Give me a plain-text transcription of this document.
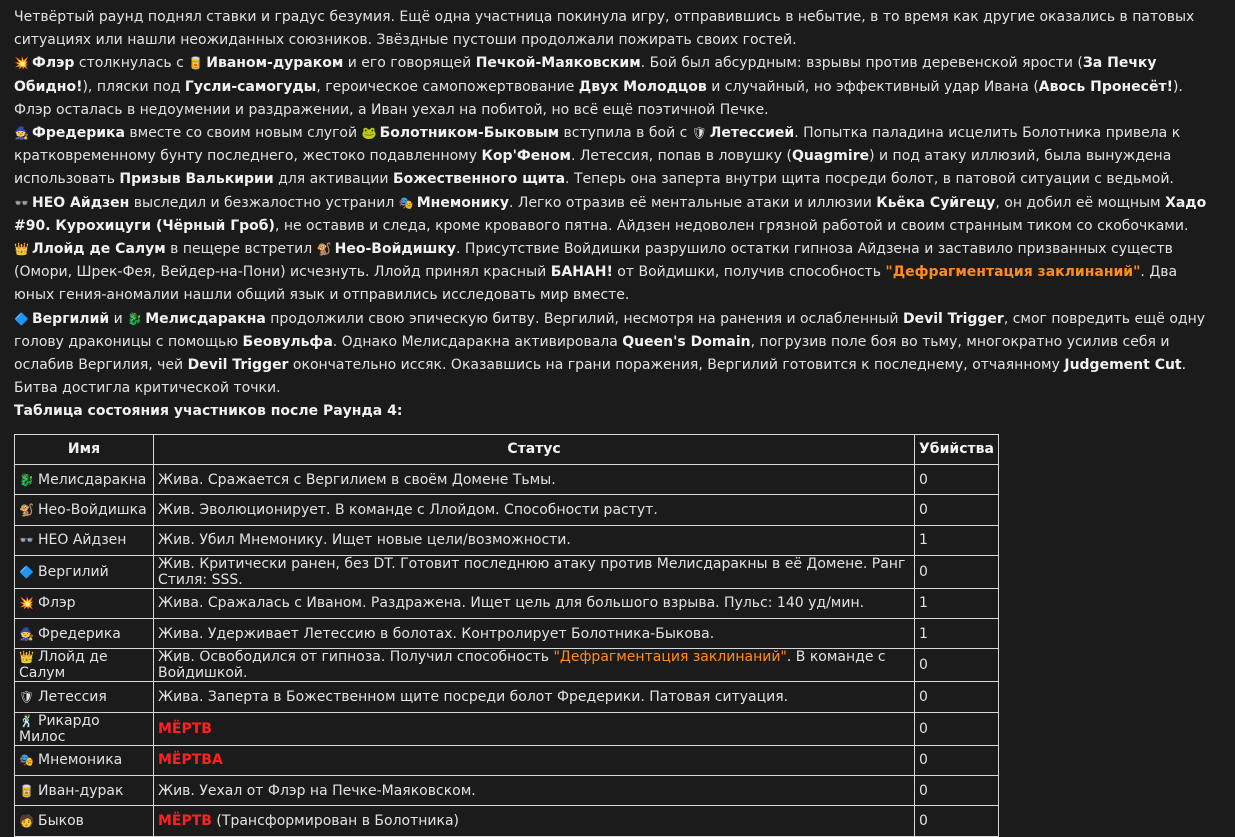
Четвёртый раунд поднял ставки и градус безумия. Ещё одна участница покинула игру, отправившись в небытие, в то время как другие оказались в патовых ситуациях или нашли неожиданных союзников. Звёздные пустоши продолжали пожирать своих гостей.

💥 Флэр столкнулась с 🥫 Иваном-дураком и его говорящей Печкой-Маяковским. Бой был абсурдным: взрывы против деревенской ярости (За Печку Обидно!), пляски под Гусли-самогуды, героическое самопожертвование Двух Молодцов и случайный, но эффективный удар Ивана (Авось Пронесёт!). Флэр осталась в недоумении и раздражении, а Иван уехал на побитой, но всё ещё поэтичной Печке.

🧙 Фредерика вместе со своим новым слугой 🐸 Болотником-Быковым вступила в бой с 🛡 Летессией. Попытка паладина исцелить Болотника привела к кратковременному бунту последнего, жестоко подавленному Кор'Феном. Летессия, попав в ловушку (Quagmire) и под атаку иллюзий, была вынуждена использовать Призыв Валькирии для активации Божественного щита. Теперь она заперта внутри щита посреди болот, в патовой ситуации с ведьмой.

👓 НЕО Айдзен выследил и безжалостно устранил 🎭 Мнемонику. Легко отразив её ментальные атаки и иллюзии Кьёка Суйгецу, он добил её мощным Хадо #90. Курохицуги (Чёрный Гроб), не оставив и следа, кроме кровавого пятна. Айдзен недоволен грязной работой и своим странным тиком со скобочками.

👑 Ллойд де Салум в пещере встретил 🐒 Нео-Войдишку. Присутствие Войдишки разрушило остатки гипноза Айдзена и заставило призванных существ (Омори, Шрек-Фея, Вейдер-на-Пони) исчезнуть. Ллойд принял красный БАНАН! от Войдишки, получив способность "Дефрагментация заклинаний". Два юных гения-аномалии нашли общий язык и отправились исследовать мир вместе.

🔷 Вергилий и 🐉 Мелисдаракна продолжили свою эпическую битву. Вергилий, несмотря на ранения и ослабленный Devil Trigger, смог повредить ещё одну голову драконицы с помощью Беовульфа. Однако Мелисдаракна активировала Queen's Domain, погрузив поле боя во тьму, многократно усилив себя и ослабив Вергилия, чей Devil Trigger окончательно иссяк. Оказавшись на грани поражения, Вергилий готовится к последнему, отчаянному Judgement Cut. Битва достигла критической точки.

Таблица состояния участников после Раунда 4:

Имя	Статус	Убийства
🐉 Мелисдаракна	Жива. Сражается с Вергилием в своём Домене Тьмы.	0
🐒 Нео-Войдишка	Жив. Эволюционирует. В команде с Ллойдом. Способности растут.	0
👓 НЕО Айдзен	Жив. Убил Мнемонику. Ищет новые цели/возможности.	1
🔷 Вергилий	Жив. Критически ранен, без DT. Готовит последнюю атаку против Мелисдаракны в её Домене. Ранг Стиля: SSS.	0
💥 Флэр	Жива. Сражалась с Иваном. Раздражена. Ищет цель для большого взрыва. Пульс: 140 уд/мин.	1
🧙 Фредерика	Жива. Удерживает Летессию в болотах. Контролирует Болотника-Быкова.	1
👑 Ллойд де Салум	Жив. Освободился от гипноза. Получил способность "Дефрагментация заклинаний". В команде с Войдишкой.	0
🛡 Летессия	Жива. Заперта в Божественном щите посреди болот Фредерики. Патовая ситуация.	0
🕺 Рикардо Милос	МЁРТВ	0
🎭 Мнемоника	МЁРТВА	0
🥫 Иван-дурак	Жив. Уехал от Флэр на Печке-Маяковском.	0
🧑 Быков	МЁРТВ (Трансформирован в Болотника)	0
